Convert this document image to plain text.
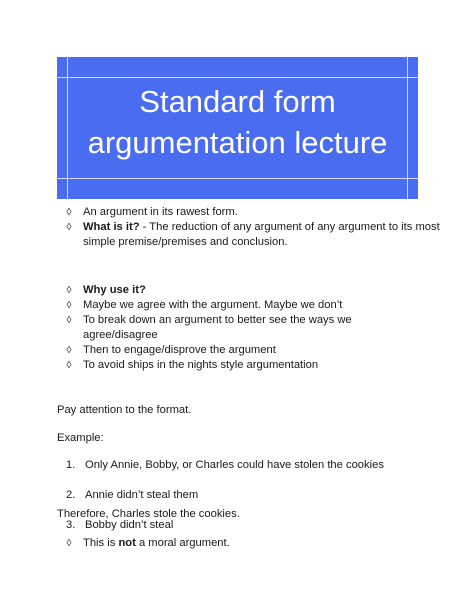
Standard form argumentation lecture
◊ An argument in its rawest form.
◊ What is it? - The reduction of any argument of any argument to its most simple premise/premises and conclusion.
◊ Why use it?
◊ Maybe we agree with the argument. Maybe we don’t
◊ To break down an argument to better see the ways we agree/disagree
◊ Then to engage/disprove the argument
◊ To avoid ships in the nights style argumentation
Pay attention to the format.
Example:
1. Only Annie, Bobby, or Charles could have stolen the cookies
2. Annie didn’t steal them
3. Bobby didn’t steal
Therefore, Charles stole the cookies.
◊ This is not a moral argument.
